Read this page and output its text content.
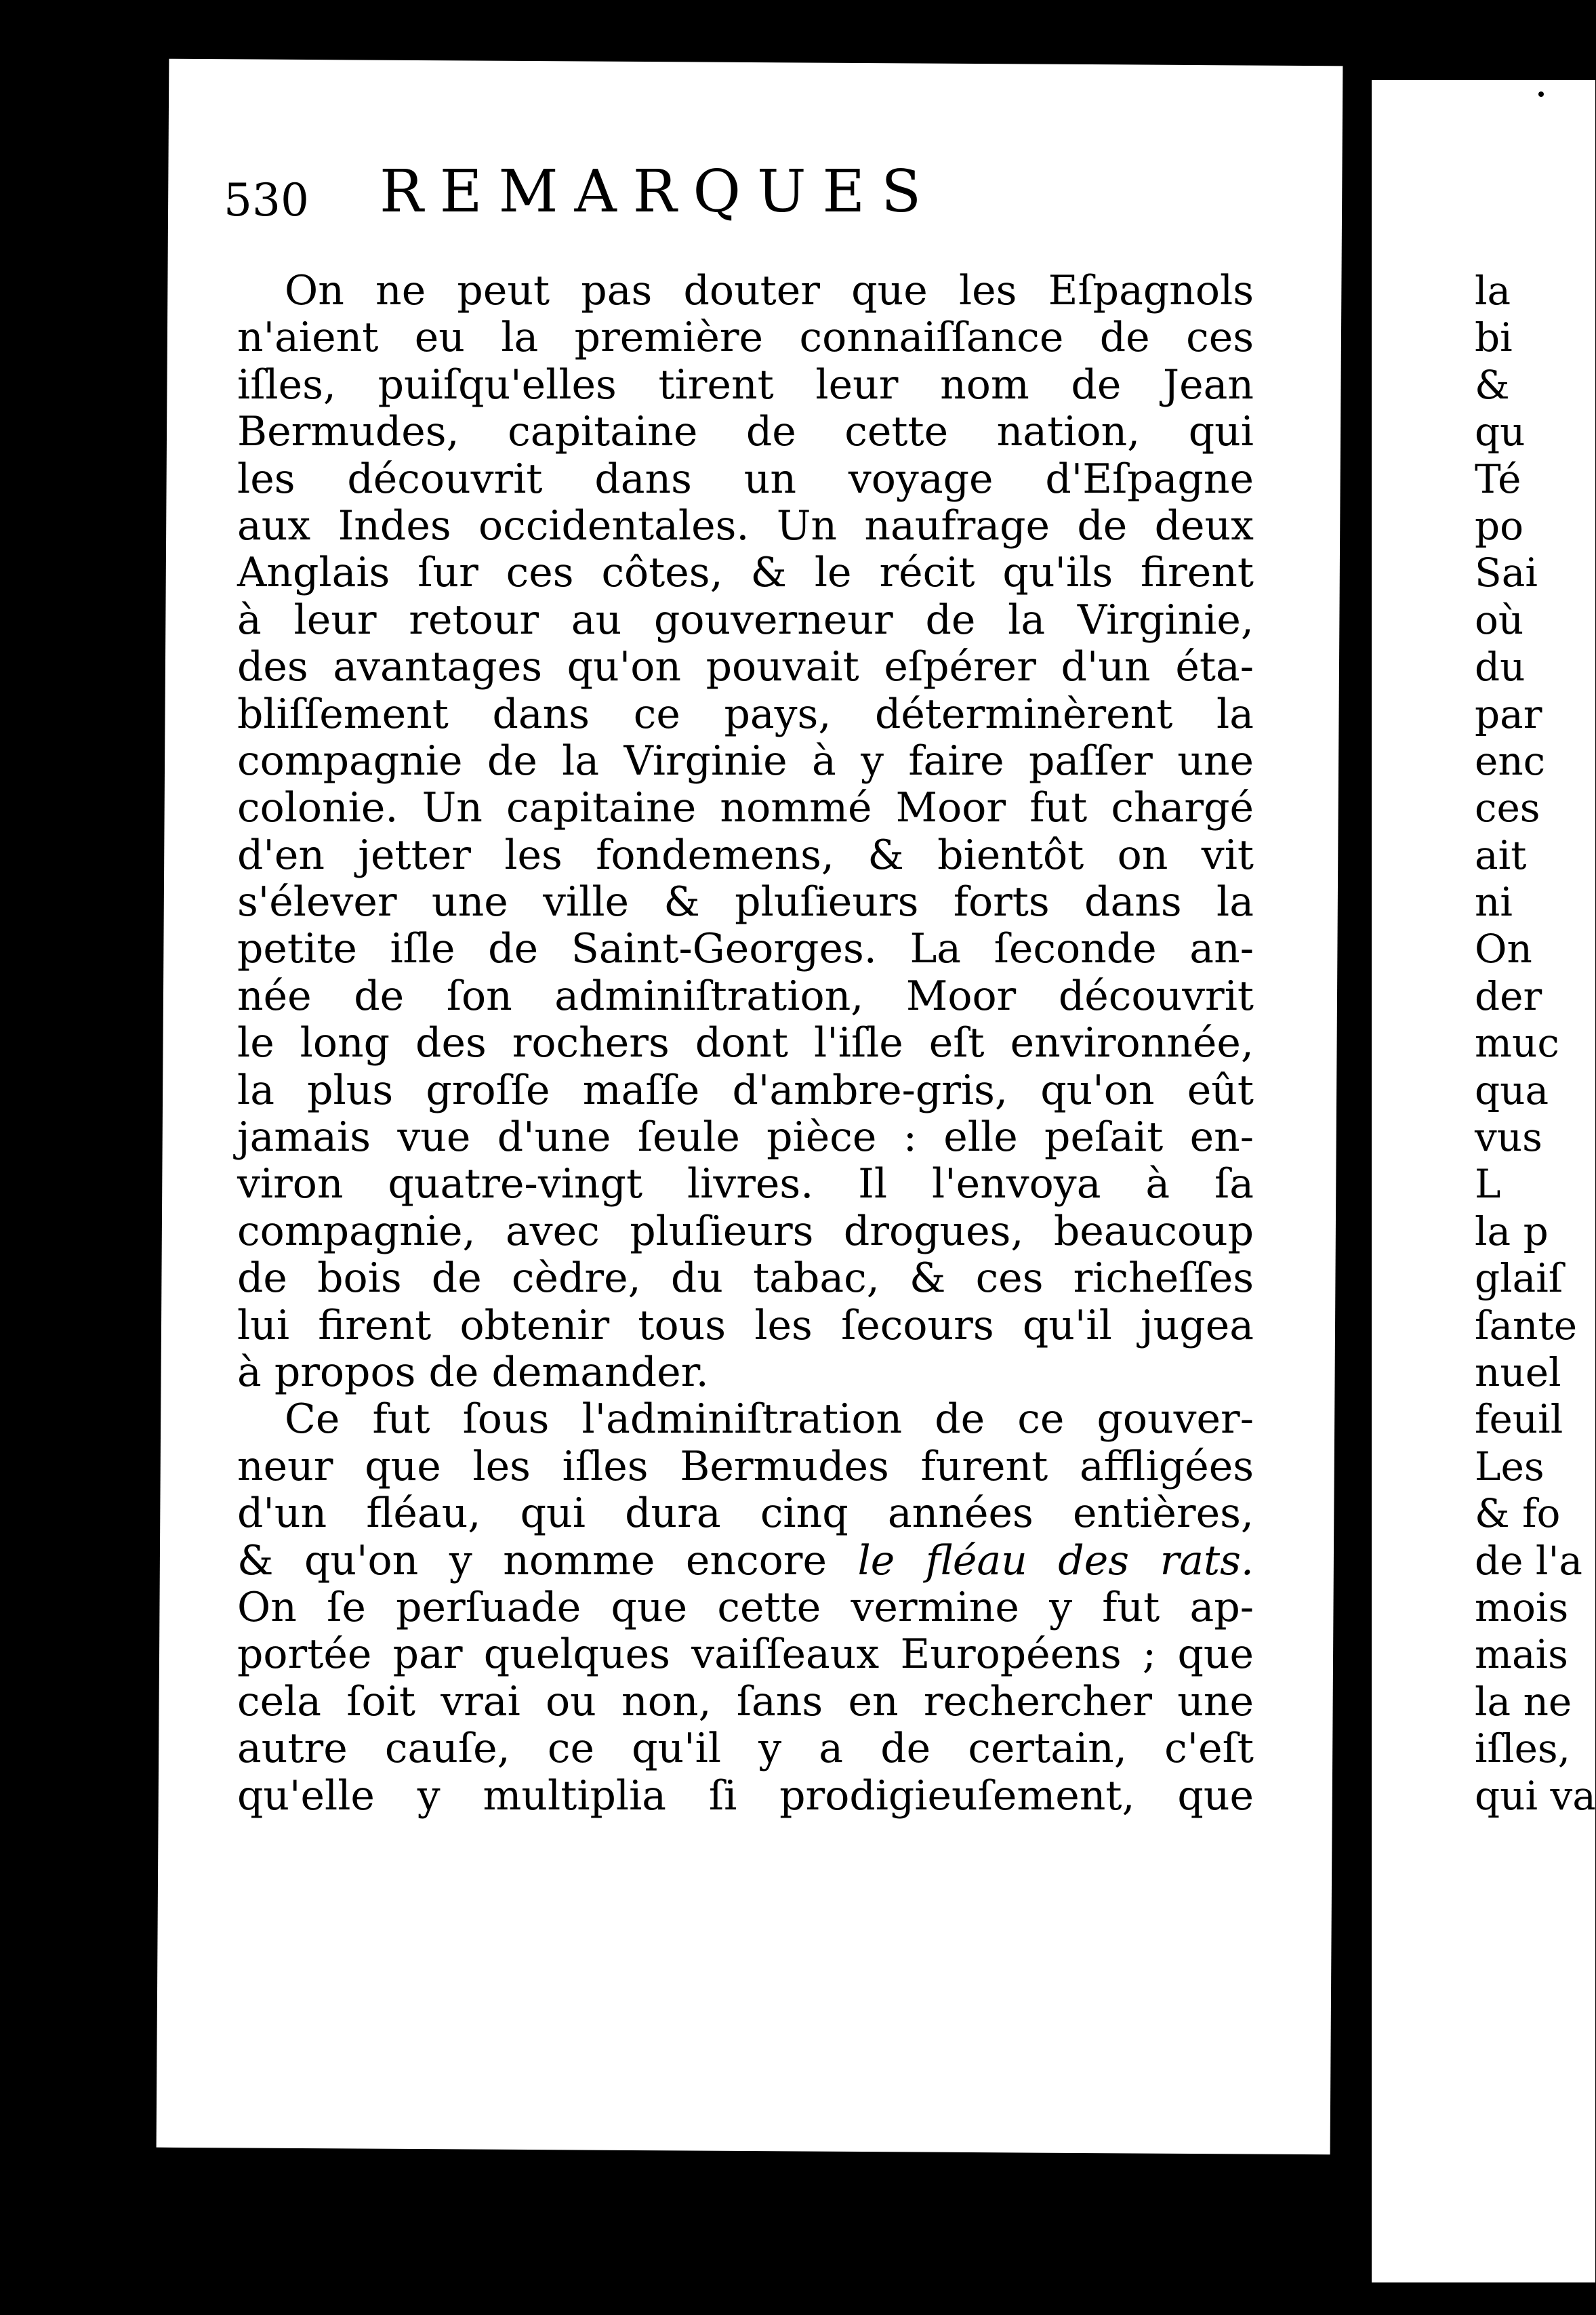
530 REMARQUES
On ne peut pas douter que les Eſpagnols
n'aient eu la première connaiſſance de ces
iſles, puiſqu'elles tirent leur nom de Jean
Bermudes, capitaine de cette nation, qui
les découvrit dans un voyage d'Eſpagne
aux Indes occidentales. Un naufrage de deux
Anglais ſur ces côtes, & le récit qu'ils firent
à leur retour au gouverneur de la Virginie,
des avantages qu'on pouvait eſpérer d'un éta-
bliſſement dans ce pays, déterminèrent la
compagnie de la Virginie à y faire paſſer une
colonie. Un capitaine nommé Moor fut chargé
d'en jetter les fondemens, & bientôt on vit
s'élever une ville & pluſieurs forts dans la
petite iſle de Saint-Georges. La ſeconde an-
née de ſon adminiſtration, Moor découvrit
le long des rochers dont l'iſle eſt environnée,
la plus groſſe maſſe d'ambre-gris, qu'on eût
jamais vue d'une ſeule pièce : elle peſait en-
viron quatre-vingt livres. Il l'envoya à ſa
compagnie, avec pluſieurs drogues, beaucoup
de bois de cèdre, du tabac, & ces richeſſes
lui firent obtenir tous les ſecours qu'il jugea
à propos de demander.
Ce fut ſous l'adminiſtration de ce gouver-
neur que les iſles Bermudes furent affligées
d'un fléau, qui dura cinq années entières,
& qu'on y nomme encore le fléau des rats.
On ſe perſuade que cette vermine y fut ap-
portée par quelques vaiſſeaux Européens ; que
cela ſoit vrai ou non, ſans en rechercher une
autre cauſe, ce qu'il y a de certain, c'eſt
qu'elle y multiplia ſi prodigieuſement, que
la
bi
&
qu
Té
po
Sai
où
du
par
enc
ces
ait
ni
On
der
muc
qua
vus
L
la p
glaiſ
ſante
nuel
feuil
Les
& fo
de l'a
mois
mais
la ne
iſles,
qui va
